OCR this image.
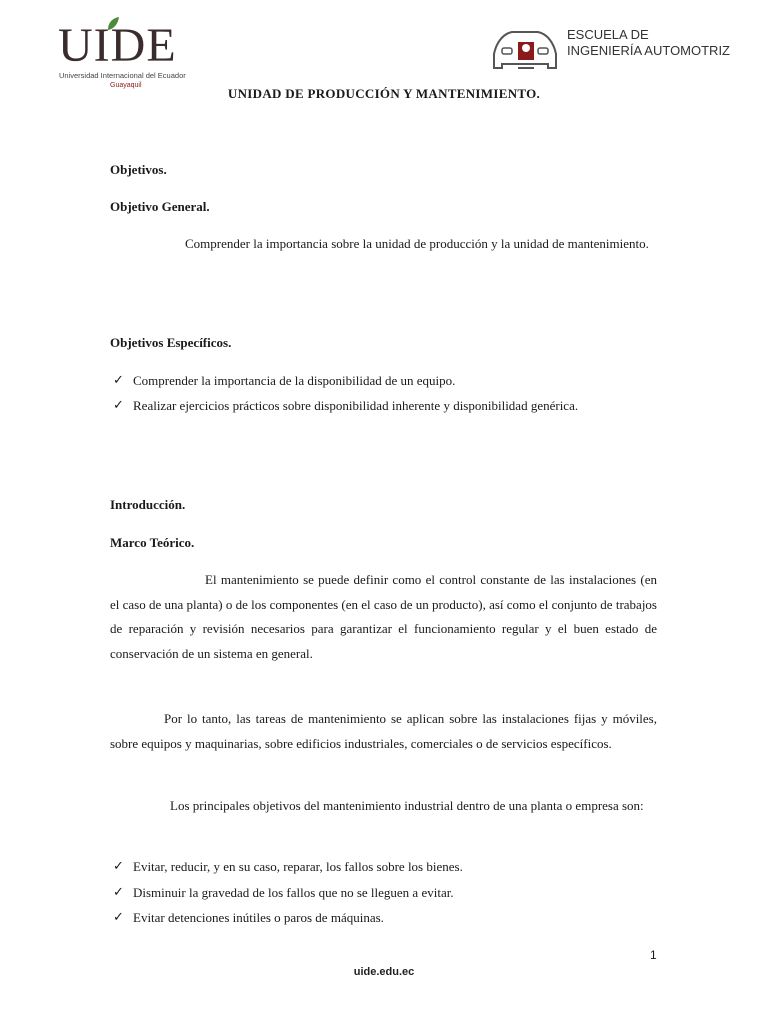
UIDE
Universidad Internacional del Ecuador
Guayaquil
ESCUELA DE
INGENIERÍA AUTOMOTRIZ
UNIDAD DE PRODUCCIÓN Y MANTENIMIENTO.
Objetivos.
Objetivo General.
Comprender la importancia sobre la unidad de producción y la unidad de mantenimiento.
Objetivos Específicos.
✓ Comprender la importancia de la disponibilidad de un equipo.
✓ Realizar ejercicios prácticos sobre disponibilidad inherente y disponibilidad genérica.
Introducción.
Marco Teórico.
El mantenimiento se puede definir como el control constante de las instalaciones (en el caso de una planta) o de los componentes (en el caso de un producto), así como el conjunto de trabajos de reparación y revisión necesarios para garantizar el funcionamiento regular y el buen estado de conservación de un sistema en general.
Por lo tanto, las tareas de mantenimiento se aplican sobre las instalaciones fijas y móviles, sobre equipos y maquinarias, sobre edificios industriales, comerciales o de servicios específicos.
Los principales objetivos del mantenimiento industrial dentro de una planta o empresa son:
✓ Evitar, reducir, y en su caso, reparar, los fallos sobre los bienes.
✓ Disminuir la gravedad de los fallos que no se lleguen a evitar.
✓ Evitar detenciones inútiles o paros de máquinas.
1
uide.edu.ec
